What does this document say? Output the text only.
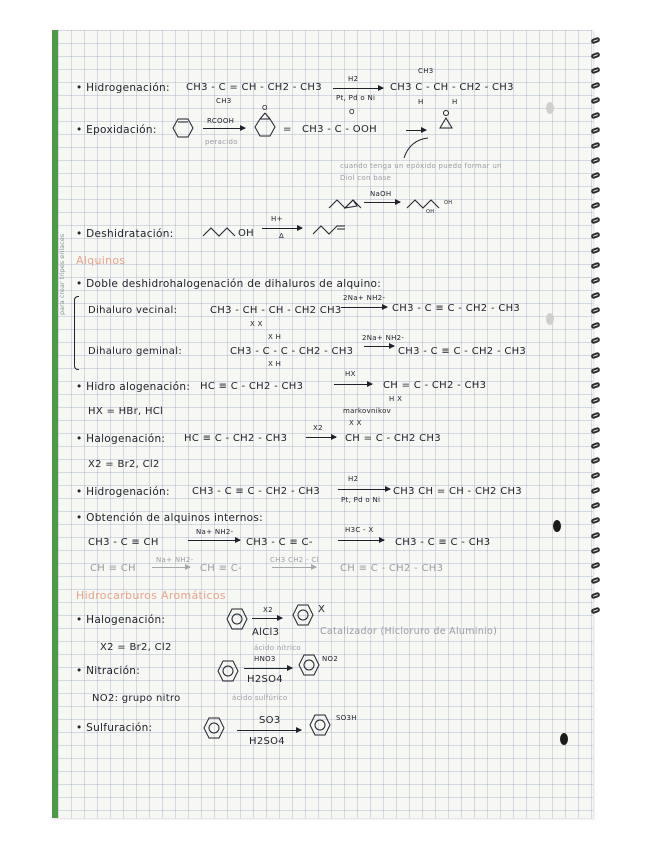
para crear tripes enlaces
• Hidrogenación: CH3 - C = CH - CH2 - CH3
CH3
H2
Pt, Pd o Ni
CH3
CH3 C - CH - CH2 - CH3
H	H
• Epoxidación:
RCOOH
peracido
O
=
O
CH3 - C - OOH
cuando tenga un epóxido puedo formar un Diol con base
NaOH
OH
OH
• Deshidratación:	OH
H+
Δ
Alquinos
• Doble deshidrohalogenación de dihaluros de alquino:
Dihaluro vecinal:	CH3 - CH - CH - CH2 CH3
X X
2Na+ NH2-
→ CH3 - C ≡ C - CH2 - CH3
Dihaluro geminal:
X H
CH3 - C - C - CH2 - CH3
X H
2Na+ NH2-
→ CH3 - C ≡ C - CH2 - CH3
• Hidro alogenación: HC ≡ C - CH2 - CH3
HX
→ CH = C - CH2 - CH3
H X
HX = HBr, HCl	markovnikov
• Halogenación: HC ≡ C - CH2 - CH3
X2
X X
CH = C - CH2 CH3
X2 = Br2, Cl2
• Hidrogenación: CH3 - C ≡ C - CH2 - CH3
H2
Pt, Pd o Ni
CH3 CH = CH - CH2 CH3
• Obtención de alquinos internos:
CH3 - C ≡ CH
Na+ NH2-
→ CH3 - C ≡ C-
H3C - X
→ CH3 - C ≡ C - CH3
CH ≡ CH
Na+ NH2-
→ CH ≡ C-
CH3 CH2 - Cl
→ CH ≡ C - CH2 - CH3
Hidrocarburos Aromáticos
• Halogenación:
X2
AlCl3
X
Catalizador (Hicloruro de Aluminio)
X2 = Br2, Cl2	ácido nítrico
• Nitración:
HNO3
H2SO4
NO2
NO2: grupo nitro	ácido sulfúrico
• Sulfuración:
SO3
H2SO4
SO3H
